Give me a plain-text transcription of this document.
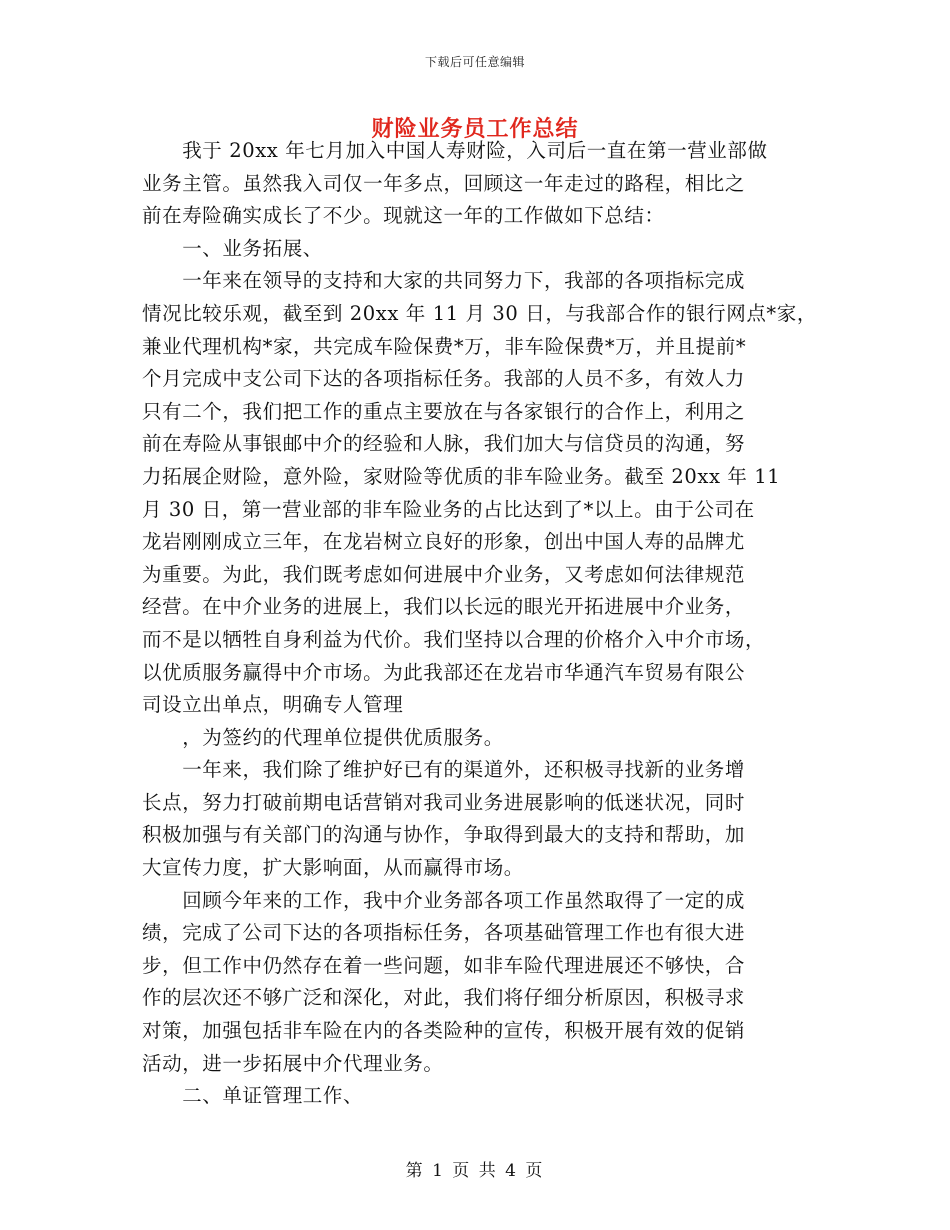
下载后可任意编辑
财险业务员工作总结
　　我于 20xx 年七月加入中国人寿财险，入司后一直在第一营业部做
业务主管。虽然我入司仅一年多点，回顾这一年走过的路程，相比之
前在寿险确实成长了不少。现就这一年的工作做如下总结：
　　一、业务拓展、
　　一年来在领导的支持和大家的共同努力下，我部的各项指标完成
情况比较乐观，截至到 20xx 年 11 月 30 日，与我部合作的银行网点*家，
兼业代理机构*家，共完成车险保费*万，非车险保费*万，并且提前*
个月完成中支公司下达的各项指标任务。我部的人员不多，有效人力
只有二个，我们把工作的重点主要放在与各家银行的合作上，利用之
前在寿险从事银邮中介的经验和人脉，我们加大与信贷员的沟通，努
力拓展企财险，意外险，家财险等优质的非车险业务。截至 20xx 年 11
月 30 日，第一营业部的非车险业务的占比达到了*以上。由于公司在
龙岩刚刚成立三年，在龙岩树立良好的形象，创出中国人寿的品牌尤
为重要。为此，我们既考虑如何进展中介业务，又考虑如何法律规范
经营。在中介业务的进展上，我们以长远的眼光开拓进展中介业务，
而不是以牺牲自身利益为代价。我们坚持以合理的价格介入中介市场，
以优质服务赢得中介市场。为此我部还在龙岩市华通汽车贸易有限公
司设立出单点，明确专人管理
　　，为签约的代理单位提供优质服务。
　　一年来，我们除了维护好已有的渠道外，还积极寻找新的业务增
长点，努力打破前期电话营销对我司业务进展影响的低迷状况，同时
积极加强与有关部门的沟通与协作，争取得到最大的支持和帮助，加
大宣传力度，扩大影响面，从而赢得市场。
　　回顾今年来的工作，我中介业务部各项工作虽然取得了一定的成
绩，完成了公司下达的各项指标任务，各项基础管理工作也有很大进
步，但工作中仍然存在着一些问题，如非车险代理进展还不够快，合
作的层次还不够广泛和深化，对此，我们将仔细分析原因，积极寻求
对策，加强包括非车险在内的各类险种的宣传，积极开展有效的促销
活动，进一步拓展中介代理业务。
　　二、单证管理工作、
第 1 页 共 4 页
